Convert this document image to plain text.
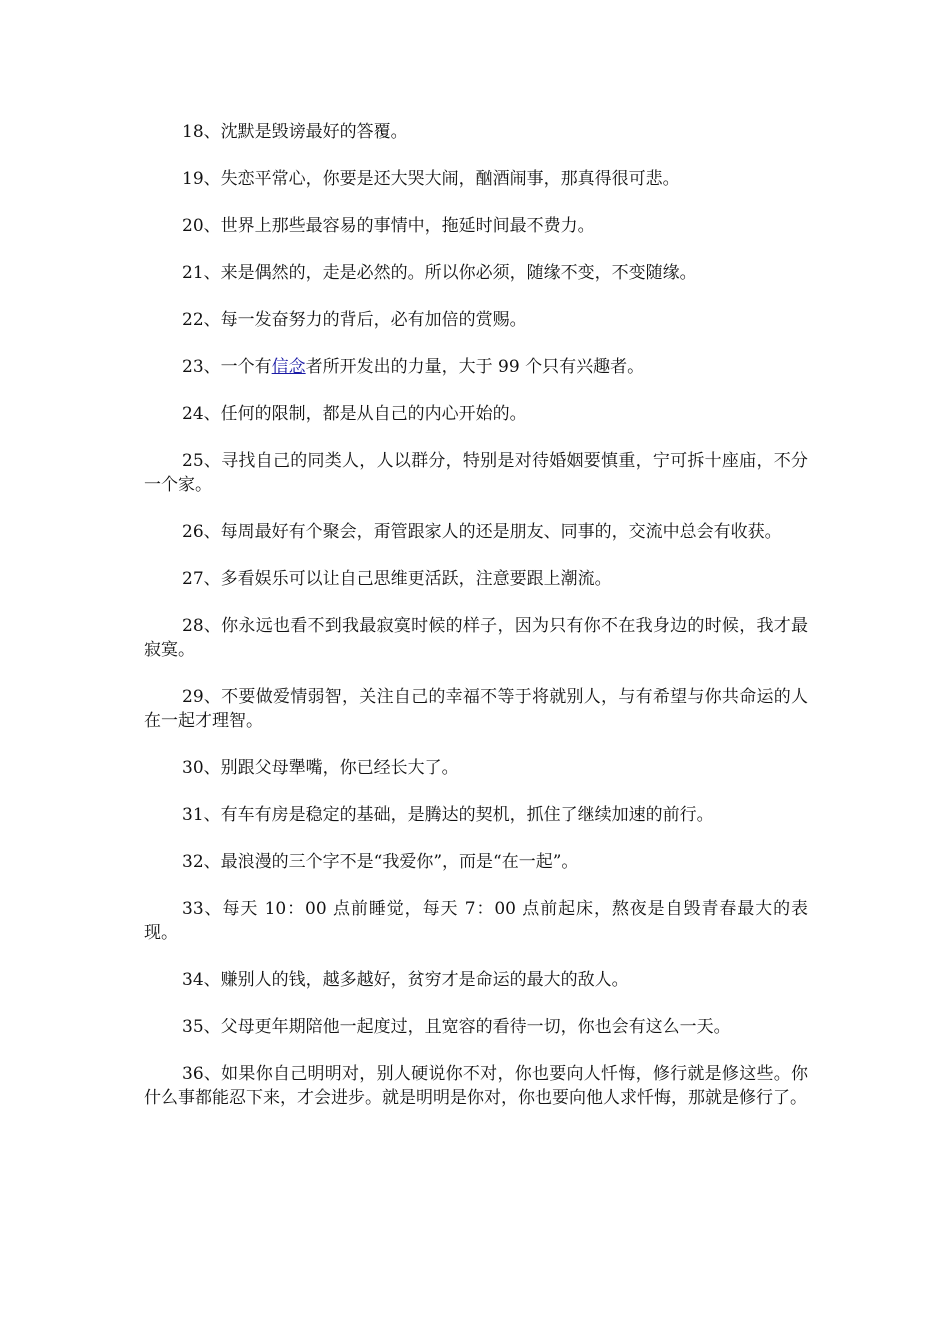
18、沈默是毁谤最好的答覆。

19、失恋平常心，你要是还大哭大闹，酗酒闹事，那真得很可悲。

20、世界上那些最容易的事情中，拖延时间最不费力。

21、来是偶然的，走是必然的。所以你必须，随缘不变，不变随缘。

22、每一发奋努力的背后，必有加倍的赏赐。

23、一个有信念者所开发出的力量，大于 99 个只有兴趣者。

24、任何的限制，都是从自己的内心开始的。

25、寻找自己的同类人，人以群分，特别是对待婚姻要慎重，宁可拆十座庙，不分一个家。

26、每周最好有个聚会，甭管跟家人的还是朋友、同事的，交流中总会有收获。

27、多看娱乐可以让自己思维更活跃，注意要跟上潮流。

28、你永远也看不到我最寂寞时候的样子，因为只有你不在我身边的时候，我才最寂寞。

29、不要做爱情弱智，关注自己的幸福不等于将就别人，与有希望与你共命运的人在一起才理智。

30、别跟父母犟嘴，你已经长大了。

31、有车有房是稳定的基础，是腾达的契机，抓住了继续加速的前行。

32、最浪漫的三个字不是“我爱你”，而是“在一起”。

33、每天 10：00 点前睡觉，每天 7：00 点前起床，熬夜是自毁青春最大的表现。

34、赚别人的钱，越多越好，贫穷才是命运的最大的敌人。

35、父母更年期陪他一起度过，且宽容的看待一切，你也会有这么一天。

36、如果你自己明明对，别人硬说你不对，你也要向人忏悔，修行就是修这些。你什么事都能忍下来，才会进步。就是明明是你对，你也要向他人求忏悔，那就是修行了。
